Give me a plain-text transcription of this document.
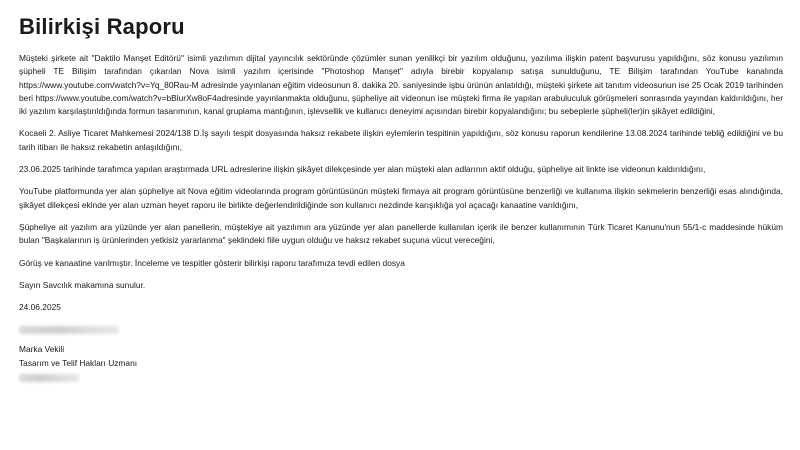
Bilirkişi Raporu

Müşteki şirkete ait "Daktilo Manşet Editörü" isimli yazılımın dijital yayıncılık sektöründe çözümler sunan yenilikçi bir yazılım olduğunu, yazılıma ilişkin patent başvurusu yapıldığını, söz konusu yazılımın şüpheli TE Bilişim tarafından çıkarılan Nova isimli yazılım içerisinde "Photoshop Manşet" adıyla birebir kopyalanıp satışa sunulduğunu, TE Bilişim tarafından YouTube kanalında https://www.youtube.com/watch?v=Yq_80Rau-M adresinde yayınlanan eğitim videosunun 8. dakika 20. saniyesinde işbu ürünün anlatıldığı, müşteki şirkete ait tanıtım videosunun ise 25 Ocak 2019 tarihinden beri https://www.youtube.com/watch?v=bBlurXw8oF4adresinde yayınlanmakta olduğunu, şüpheliye ait videonun ise müşteki firma ile yapılan arabuluculuk görüşmeleri sonrasında yayından kaldırıldığını, her iki yazılım karşılaştırıldığında formun tasarımının, kanal gruplama mantığının, işlevsellik ve kullanıcı deneyimi açısından birebir kopyalandığını; bu sebeplerle şüpheli(ler)in şikâyet edildiğini,

Kocaeli 2. Asliye Ticaret Mahkemesi 2024/138 D.İş sayılı tespit dosyasında haksız rekabete ilişkin eylemlerin tespitinin yapıldığını, söz konusu raporun kendilerine 13.08.2024 tarihinde tebliğ edildiğini ve bu tarih itibarı ile haksız rekabetin anlaşıldığını,

23.06.2025 tarihinde tarafımca yapılan araştırmada URL adreslerine ilişkin şikâyet dilekçesinde yer alan müşteki alan adlarının aktif olduğu, şüpheliye ait linkte ise videonun kaldırıldığını,

YouTube platformunda yer alan şüpheliye ait Nova eğitim videolarında program görüntüsünün müşteki firmaya ait program görüntüsüne benzerliği ve kullanıma ilişkin sekmelerin benzerliği esas alındığında, şikâyet dilekçesi ekinde yer alan uzman heyet raporu ile birlikte değerlendirildiğinde son kullanıcı nezdinde karışıklığa yol açacağı kanaatine varıldığını,

Şüpheliye ait yazılım ara yüzünde yer alan panellerin, müştekiye ait yazılımın ara yüzünde yer alan panellerde kullanılan içerik ile benzer kullanımının Türk Ticaret Kanunu'nun 55/1-c maddesinde hüküm bulan "Başkalarının iş ürünlerinden yetkisiz yararlanma" şeklindeki fiile uygun olduğu ve haksız rekabet suçuna vücut vereceğini,

Görüş ve kanaatine varılmıştır. İnceleme ve tespitler gösterir bilirkişi raporu tarafımıza tevdi edilen dosya

Sayın Savcılık makamına sunulur.

24.06.2025

Marka Vekili

Tasarım ve Telif Hakları Uzmanı
